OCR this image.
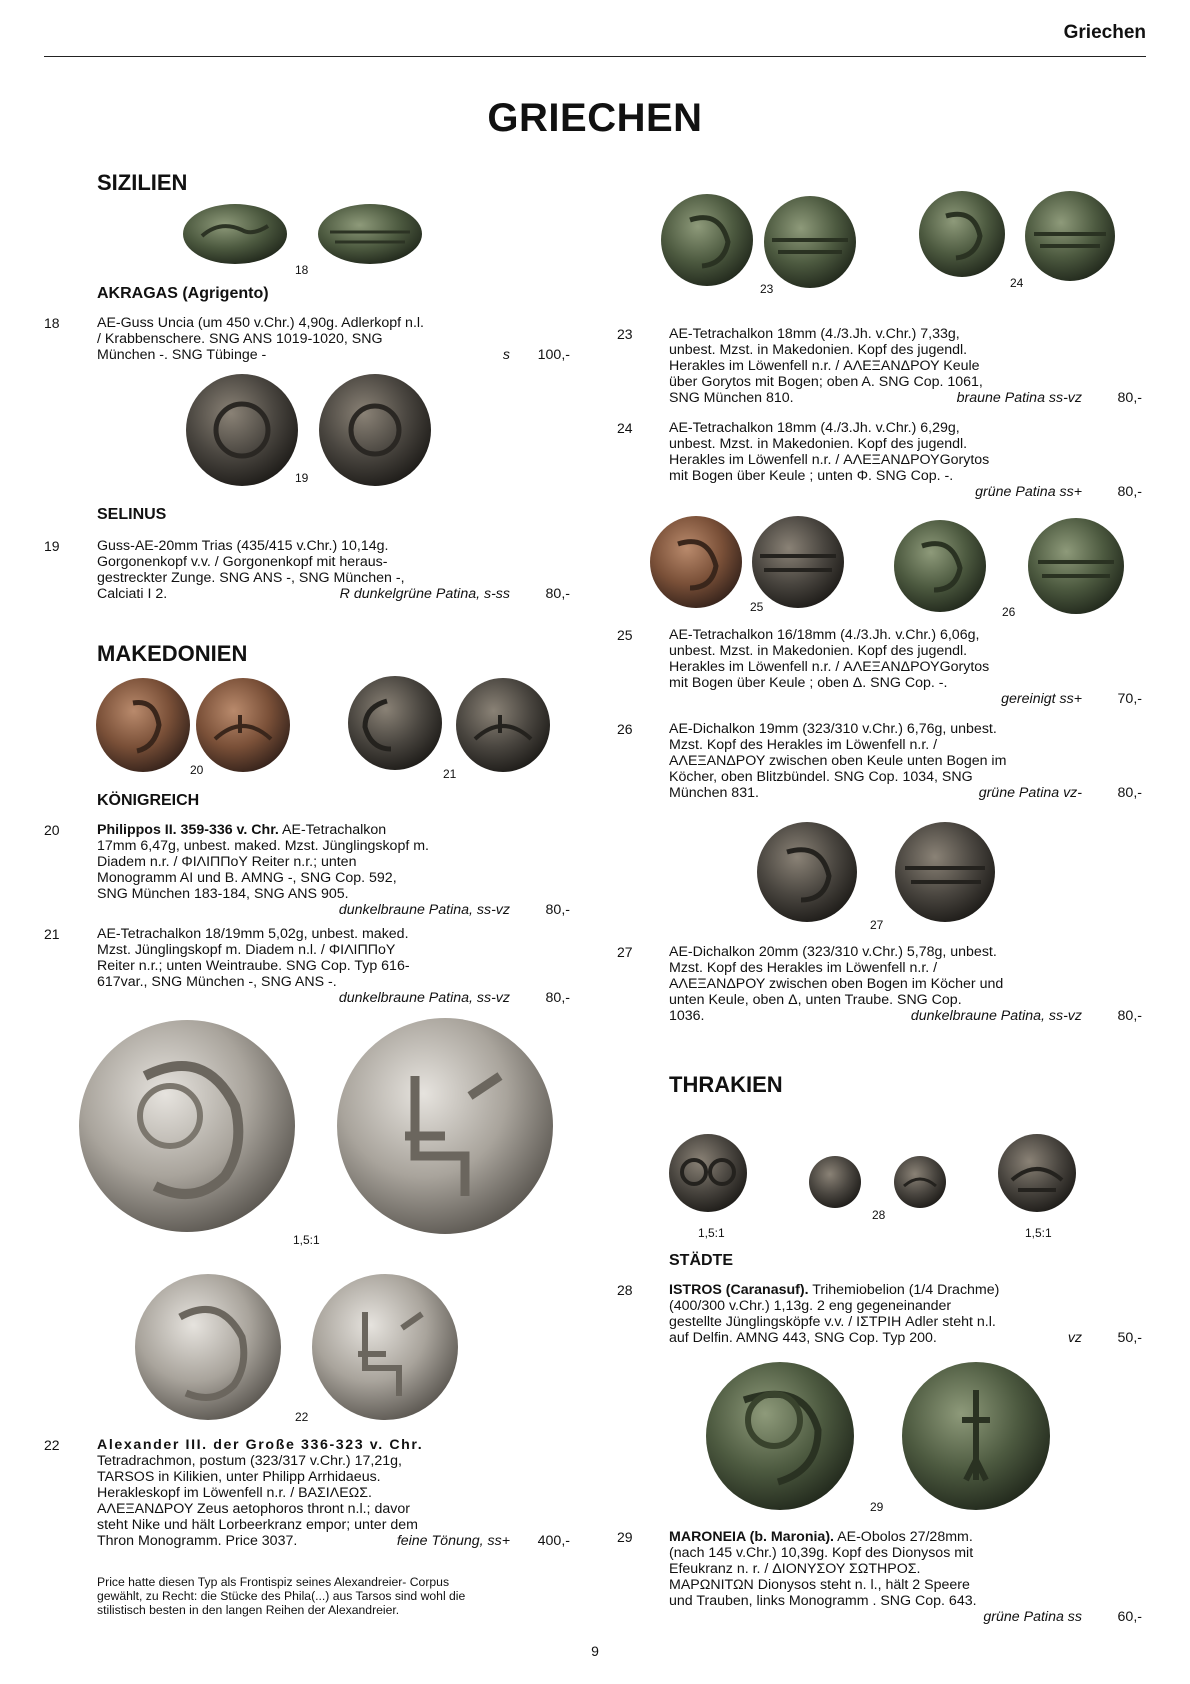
Griechen
GRIECHEN
SIZILIEN
18
AKRAGAS (Agrigento)
18	AE-Guss Uncia (um 450 v.Chr.) 4,90g. Adlerkopf n.l.
/ Krabbenschere. SNG ANS 1019-1020, SNG
München -. SNG Tübinge -	s	100,-
19
SELINUS
19	Guss-AE-20mm Trias (435/415 v.Chr.) 10,14g.
Gorgonenkopf v.v. / Gorgonenkopf mit heraus-
gestreckter Zunge. SNG ANS -, SNG München -,
Calciati I 2.	R dunkelgrüne Patina, s-ss	80,-
MAKEDONIEN
20	21
KÖNIGREICH
20	Philippos II. 359-336 v. Chr. AE-Tetrachalkon
17mm 6,47g, unbest. maked. Mzst. Jünglingskopf m.
Diadem n.r. / ΦΙΛΙΠΠοΥ Reiter n.r.; unten
Monogramm AI und B. AMNG -, SNG Cop. 592,
SNG München 183-184, SNG ANS 905.
dunkelbraune Patina, ss-vz	80,-
21	AE-Tetrachalkon 18/19mm 5,02g, unbest. maked.
Mzst. Jünglingskopf m. Diadem n.l. / ΦΙΛΙΠΠοΥ
Reiter n.r.; unten Weintraube. SNG Cop. Typ 616-
617var., SNG München -, SNG ANS -.
dunkelbraune Patina, ss-vz	80,-
1,5:1
22
22	Alexander III. der Große 336-323 v. Chr.
Tetradrachmon, postum (323/317 v.Chr.) 17,21g,
TARSOS in Kilikien, unter Philipp Arrhidaeus.
Herakleskopf im Löwenfell n.r. / ΒΑΣΙΛΕΩΣ.
ΑΛΕΞΑΝΔΡΟΥ Zeus aetophoros thront n.l.; davor
steht Nike und hält Lorbeerkranz empor; unter dem
Thron Monogramm. Price 3037.	feine Tönung, ss+	400,-
Price hatte diesen Typ als Frontispiz seines Alexandreier- Corpus
gewählt, zu Recht: die Stücke des Phila(...) aus Tarsos sind wohl die
stilistisch besten in den langen Reihen der Alexandreier.
23	24
23	AE-Tetrachalkon 18mm (4./3.Jh. v.Chr.) 7,33g,
unbest. Mzst. in Makedonien. Kopf des jugendl.
Herakles im Löwenfell n.r. / ΑΛΕΞΑΝΔΡΟΥ Keule
über Gorytos mit Bogen; oben A. SNG Cop. 1061,
SNG München 810.	braune Patina ss-vz	80,-
24	AE-Tetrachalkon 18mm (4./3.Jh. v.Chr.) 6,29g,
unbest. Mzst. in Makedonien. Kopf des jugendl.
Herakles im Löwenfell n.r. / ΑΛΕΞΑΝΔΡΟΥGorytos
mit Bogen über Keule ; unten Φ. SNG Cop. -.
grüne Patina ss+	80,-
25	26
25	AE-Tetrachalkon 16/18mm (4./3.Jh. v.Chr.) 6,06g,
unbest. Mzst. in Makedonien. Kopf des jugendl.
Herakles im Löwenfell n.r. / ΑΛΕΞΑΝΔΡΟΥGorytos
mit Bogen über Keule ; oben Δ. SNG Cop. -.
gereinigt ss+	70,-
26	AE-Dichalkon 19mm (323/310 v.Chr.) 6,76g, unbest.
Mzst. Kopf des Herakles im Löwenfell n.r. /
ΑΛΕΞΑΝΔΡΟΥ zwischen oben Keule unten Bogen im
Köcher, oben Blitzbündel. SNG Cop. 1034, SNG
München 831.	grüne Patina vz-	80,-
27
27	AE-Dichalkon 20mm (323/310 v.Chr.) 5,78g, unbest.
Mzst. Kopf des Herakles im Löwenfell n.r. /
ΑΛΕΞΑΝΔΡΟΥ zwischen oben Bogen im Köcher und
unten Keule, oben Δ, unten Traube. SNG Cop.
1036.	dunkelbraune Patina, ss-vz	80,-
THRAKIEN
1,5:1
28
1,5:1
STÄDTE
28	ISTROS (Caranasuf). Trihemiobelion (1/4 Drachme)
(400/300 v.Chr.) 1,13g. 2 eng gegeneinander
gestellte Jünglingsköpfe v.v. / ΙΣΤΡΙΗ Adler steht n.l.
auf Delfin. AMNG 443, SNG Cop. Typ 200.	vz	50,-
29
29	MARONEIA (b. Maronia). AE-Obolos 27/28mm.
(nach 145 v.Chr.) 10,39g. Kopf des Dionysos mit
Efeukranz n. r. / ΔΙΟΝΥΣΟΥ ΣΩΤΗΡΟΣ.
ΜΑΡΩΝΙΤΩΝ Dionysos steht n. l., hält 2 Speere
und Trauben, links Monogramm . SNG Cop. 643.
grüne Patina ss	60,-
9
